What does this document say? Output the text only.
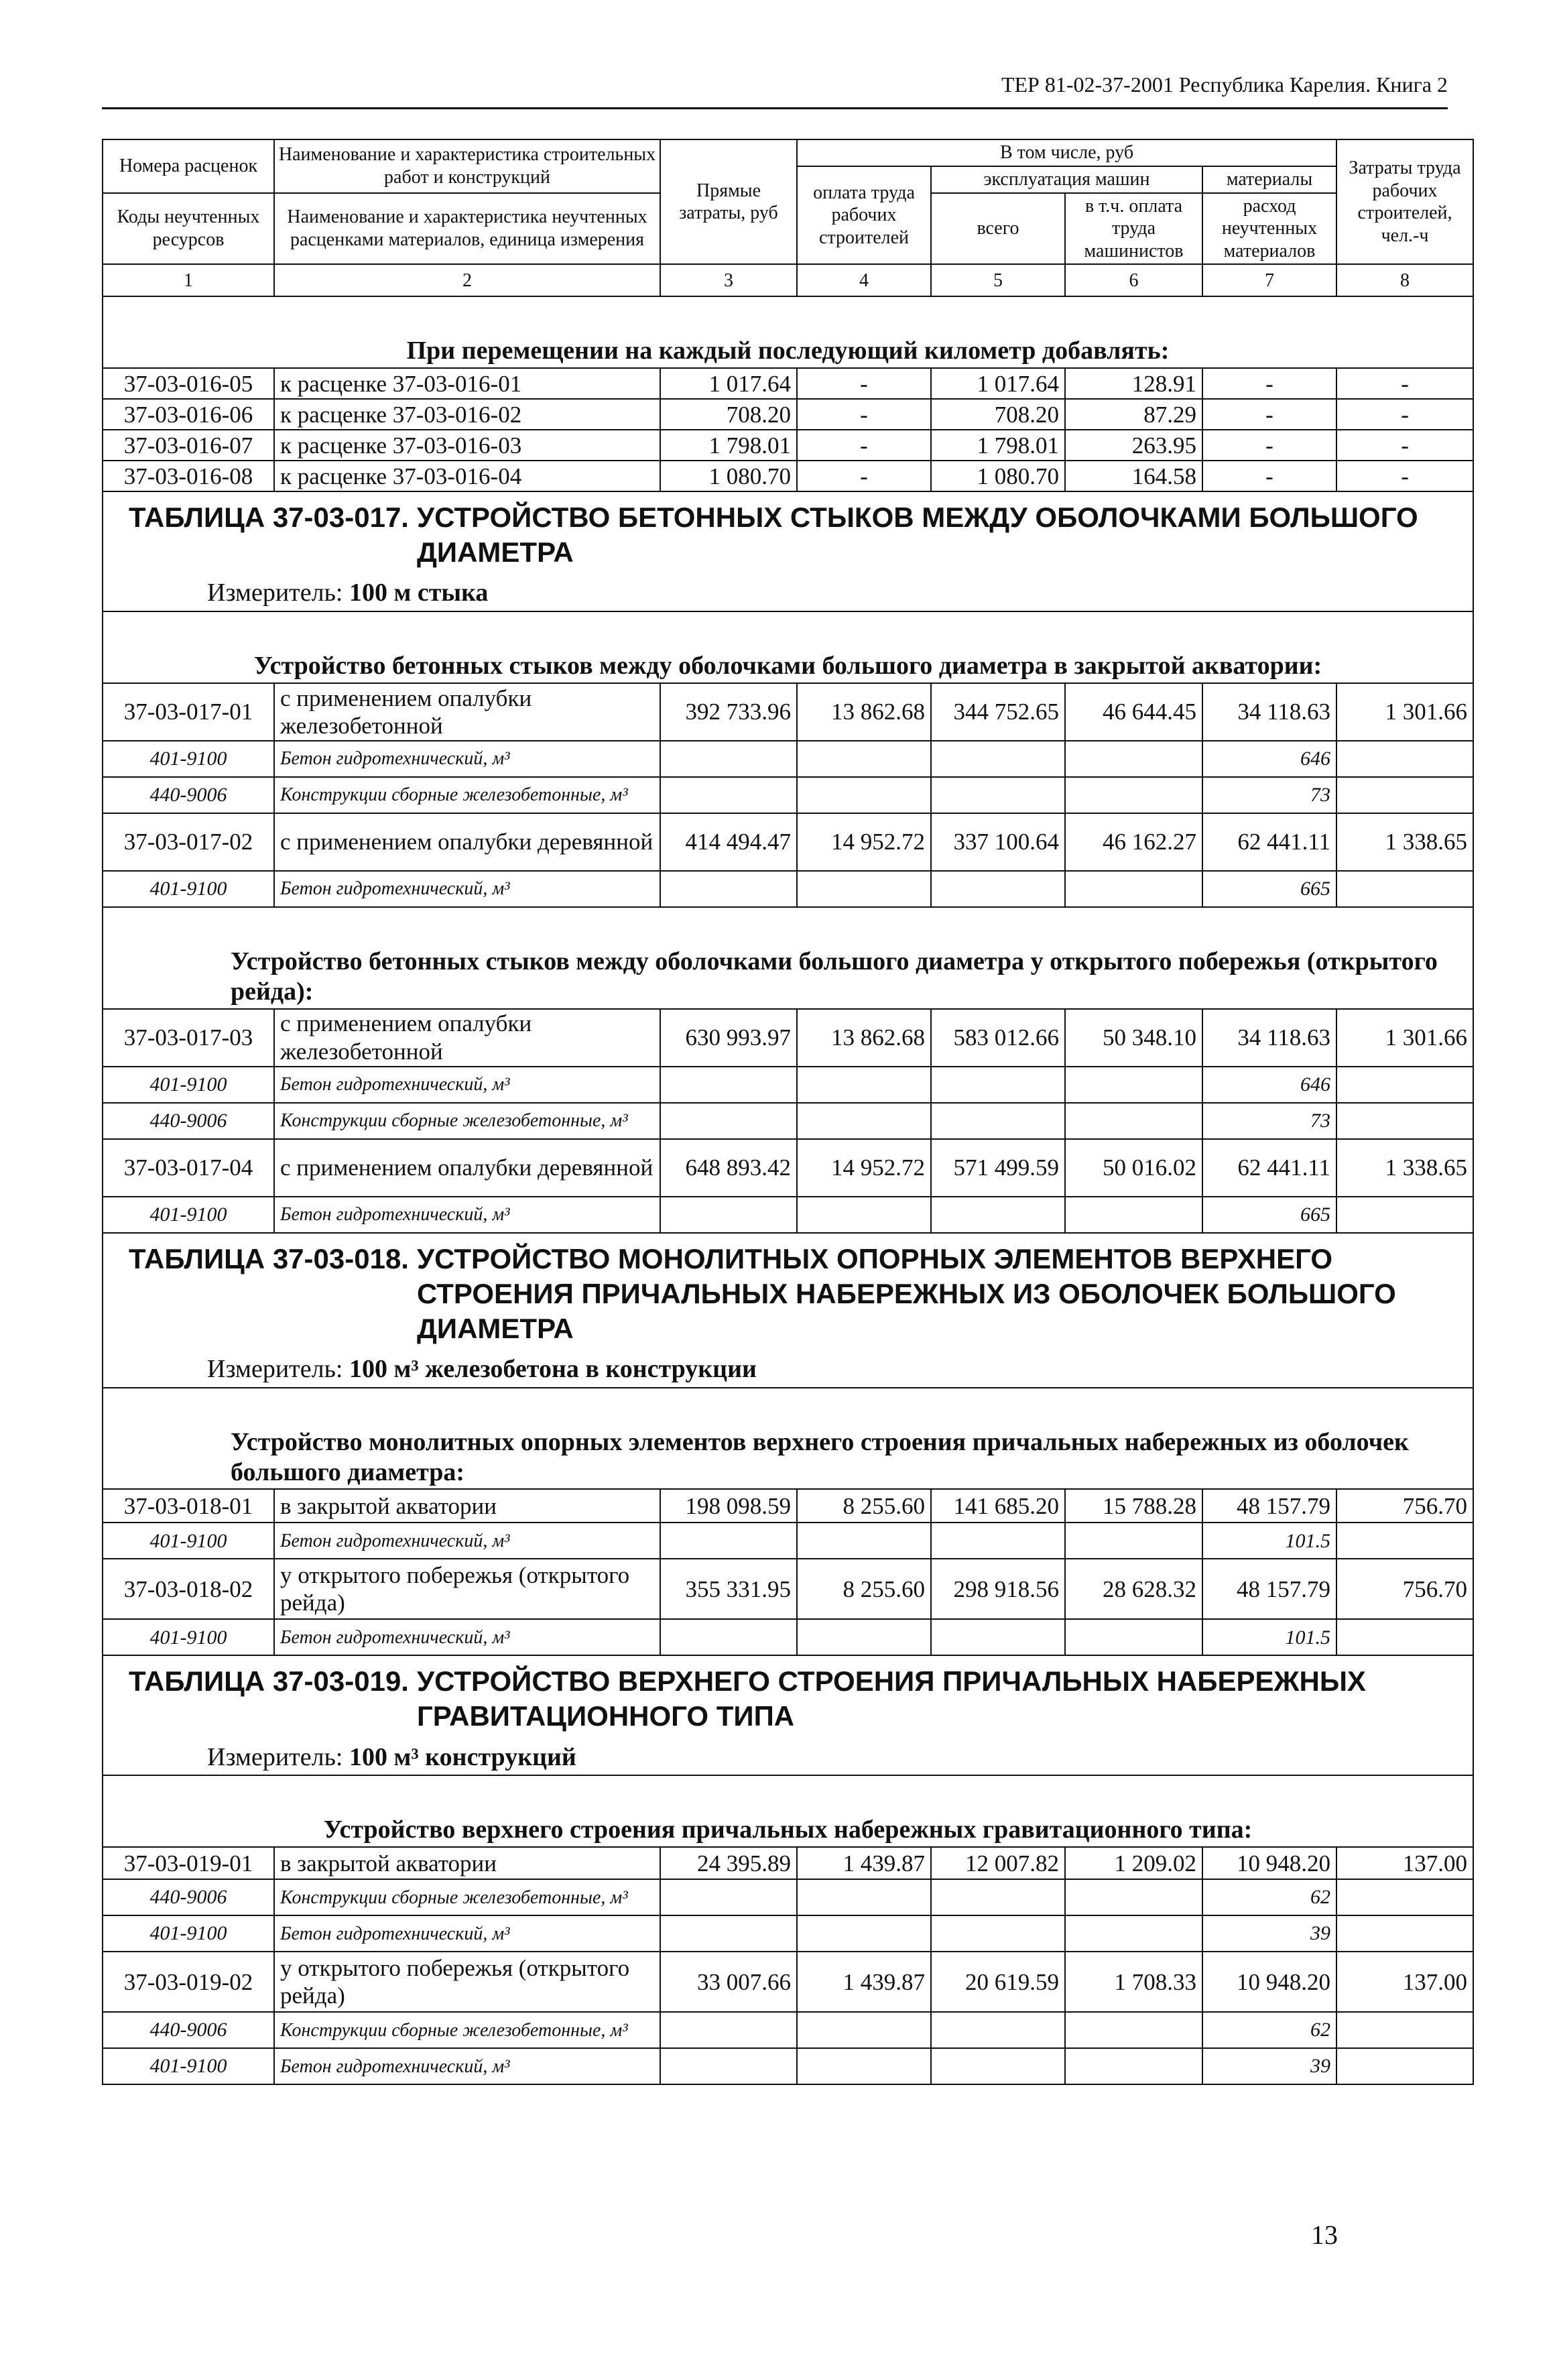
ТЕР 81-02-37-2001 Республика Карелия. Книга 2
Номера расценок	Наименование и характеристика строительных работ и конструкций	Прямые затраты, руб	В том числе, руб				Затраты труда рабочих строителей, чел.-ч
			оплата труда рабочих строителей	эксплуатация машин		материалы	
Коды неучтенных ресурсов	Наименование и характеристика неучтенных расценками материалов, единица измерения			всего	в т.ч. оплата труда машинистов	расход неучтенных материалов	

1	2	3	4	5	6	7	8

При перемещении на каждый последующий километр добавлять:							
37-03-016-05	к расценке 37-03-016-01	1 017.64	-	1 017.64	128.91	-	-
37-03-016-06	к расценке 37-03-016-02	708.20	-	708.20	87.29	-	-
37-03-016-07	к расценке 37-03-016-03	1 798.01	-	1 798.01	263.95	-	-
37-03-016-08	к расценке 37-03-016-04	1 080.70	-	1 080.70	164.58	-	-

ТАБЛИЦА 37-03-017. УСТРОЙСТВО БЕТОННЫХ СТЫКОВ МЕЖДУ ОБОЛОЧКАМИ БОЛЬШОГО ДИАМЕТРА							

Измеритель: 100 м стыка							

Устройство бетонных стыков между оболочками большого диаметра в закрытой акватории:							
37-03-017-01	с применением опалубки железобетонной	392 733.96	13 862.68	344 752.65	46 644.45	34 118.63	1 301.66
401-9100	Бетон гидротехнический, м³					646	
440-9006	Конструкции сборные железобетонные, м³					73	
37-03-017-02	с применением опалубки деревянной	414 494.47	14 952.72	337 100.64	46 162.27	62 441.11	1 338.65
401-9100	Бетон гидротехнический, м³					665	

Устройство бетонных стыков между оболочками большого диаметра у открытого побережья (открытого рейда):							
37-03-017-03	с применением опалубки железобетонной	630 993.97	13 862.68	583 012.66	50 348.10	34 118.63	1 301.66
401-9100	Бетон гидротехнический, м³					646	
440-9006	Конструкции сборные железобетонные, м³					73	
37-03-017-04	с применением опалубки деревянной	648 893.42	14 952.72	571 499.59	50 016.02	62 441.11	1 338.65
401-9100	Бетон гидротехнический, м³					665	

ТАБЛИЦА 37-03-018. УСТРОЙСТВО МОНОЛИТНЫХ ОПОРНЫХ ЭЛЕМЕНТОВ ВЕРХНЕГО СТРОЕНИЯ ПРИЧАЛЬНЫХ НАБЕРЕЖНЫХ ИЗ ОБОЛОЧЕК БОЛЬШОГО ДИАМЕТРА							

Измеритель: 100 м³ железобетона в конструкции							

Устройство монолитных опорных элементов верхнего строения причальных набережных из оболочек большого диаметра:							
37-03-018-01	в закрытой акватории	198 098.59	8 255.60	141 685.20	15 788.28	48 157.79	756.70
401-9100	Бетон гидротехнический, м³					101.5	
37-03-018-02	у открытого побережья (открытого рейда)	355 331.95	8 255.60	298 918.56	28 628.32	48 157.79	756.70
401-9100	Бетон гидротехнический, м³					101.5	

ТАБЛИЦА 37-03-019. УСТРОЙСТВО ВЕРХНЕГО СТРОЕНИЯ ПРИЧАЛЬНЫХ НАБЕРЕЖНЫХ ГРАВИТАЦИОННОГО ТИПА							

Измеритель: 100 м³ конструкций							

Устройство верхнего строения причальных набережных гравитационного типа:							
37-03-019-01	в закрытой акватории	24 395.89	1 439.87	12 007.82	1 209.02	10 948.20	137.00
440-9006	Конструкции сборные железобетонные, м³					62	
401-9100	Бетон гидротехнический, м³					39	
37-03-019-02	у открытого побережья (открытого рейда)	33 007.66	1 439.87	20 619.59	1 708.33	10 948.20	137.00
440-9006	Конструкции сборные железобетонные, м³					62	
401-9100	Бетон гидротехнический, м³					39	
13
